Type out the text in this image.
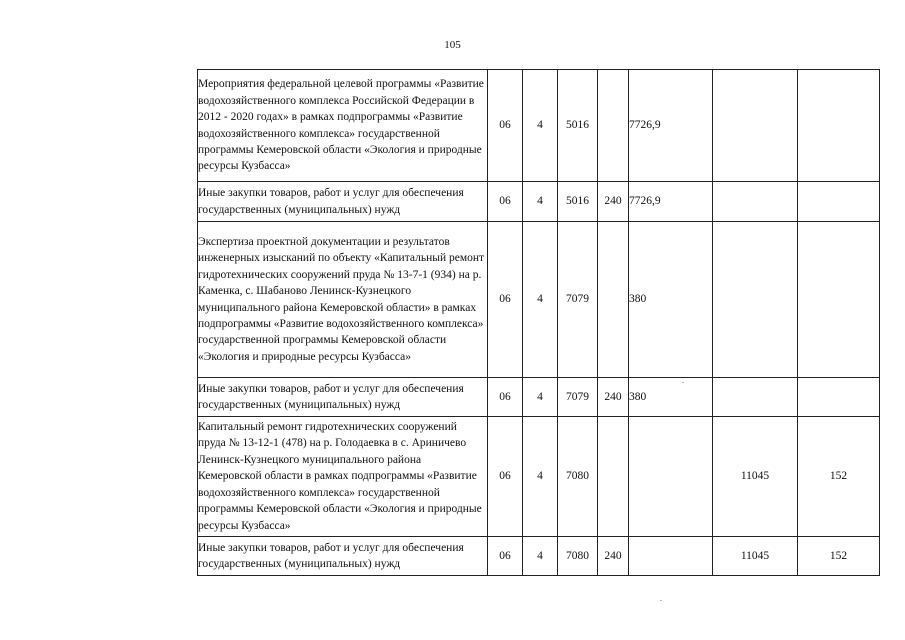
105
Мероприятия федеральной целевой программы «Развитие водохозяйственного комплекса Российской Федерации в 2012 - 2020 годах» в рамках подпрограммы «Развитие водохозяйственного комплекса» государственной программы Кемеровской области «Экология и природные ресурсы Кузбасса»	06	4	5016		7726,9		
Иные закупки товаров, работ и услуг для обеспечения государственных (муниципальных) нужд	06	4	5016	240	7726,9		
Экспертиза проектной документации и результатов инженерных изысканий по объекту «Капитальный ремонт гидротехнических сооружений пруда № 13-7-1 (934) на р. Каменка, с. Шабаново Ленинск-Кузнецкого муниципального района Кемеровской области» в рамках подпрограммы «Развитие водохозяйственного комплекса» государственной программы Кемеровской области «Экология и природные ресурсы Кузбасса»	06	4	7079		380		
Иные закупки товаров, работ и услуг для обеспечения государственных (муниципальных) нужд	06	4	7079	240	380		
Капитальный ремонт гидротехнических сооружений пруда № 13-12-1 (478) на р. Голодаевка в с. Ариничево Ленинск-Кузнецкого муниципального района Кемеровской области в рамках подпрограммы «Развитие водохозяйственного комплекса» государственной программы Кемеровской области «Экология и природные ресурсы Кузбасса»	06	4	7080			11045	152
Иные закупки товаров, работ и услуг для обеспечения государственных (муниципальных) нужд	06	4	7080	240		11045	152
